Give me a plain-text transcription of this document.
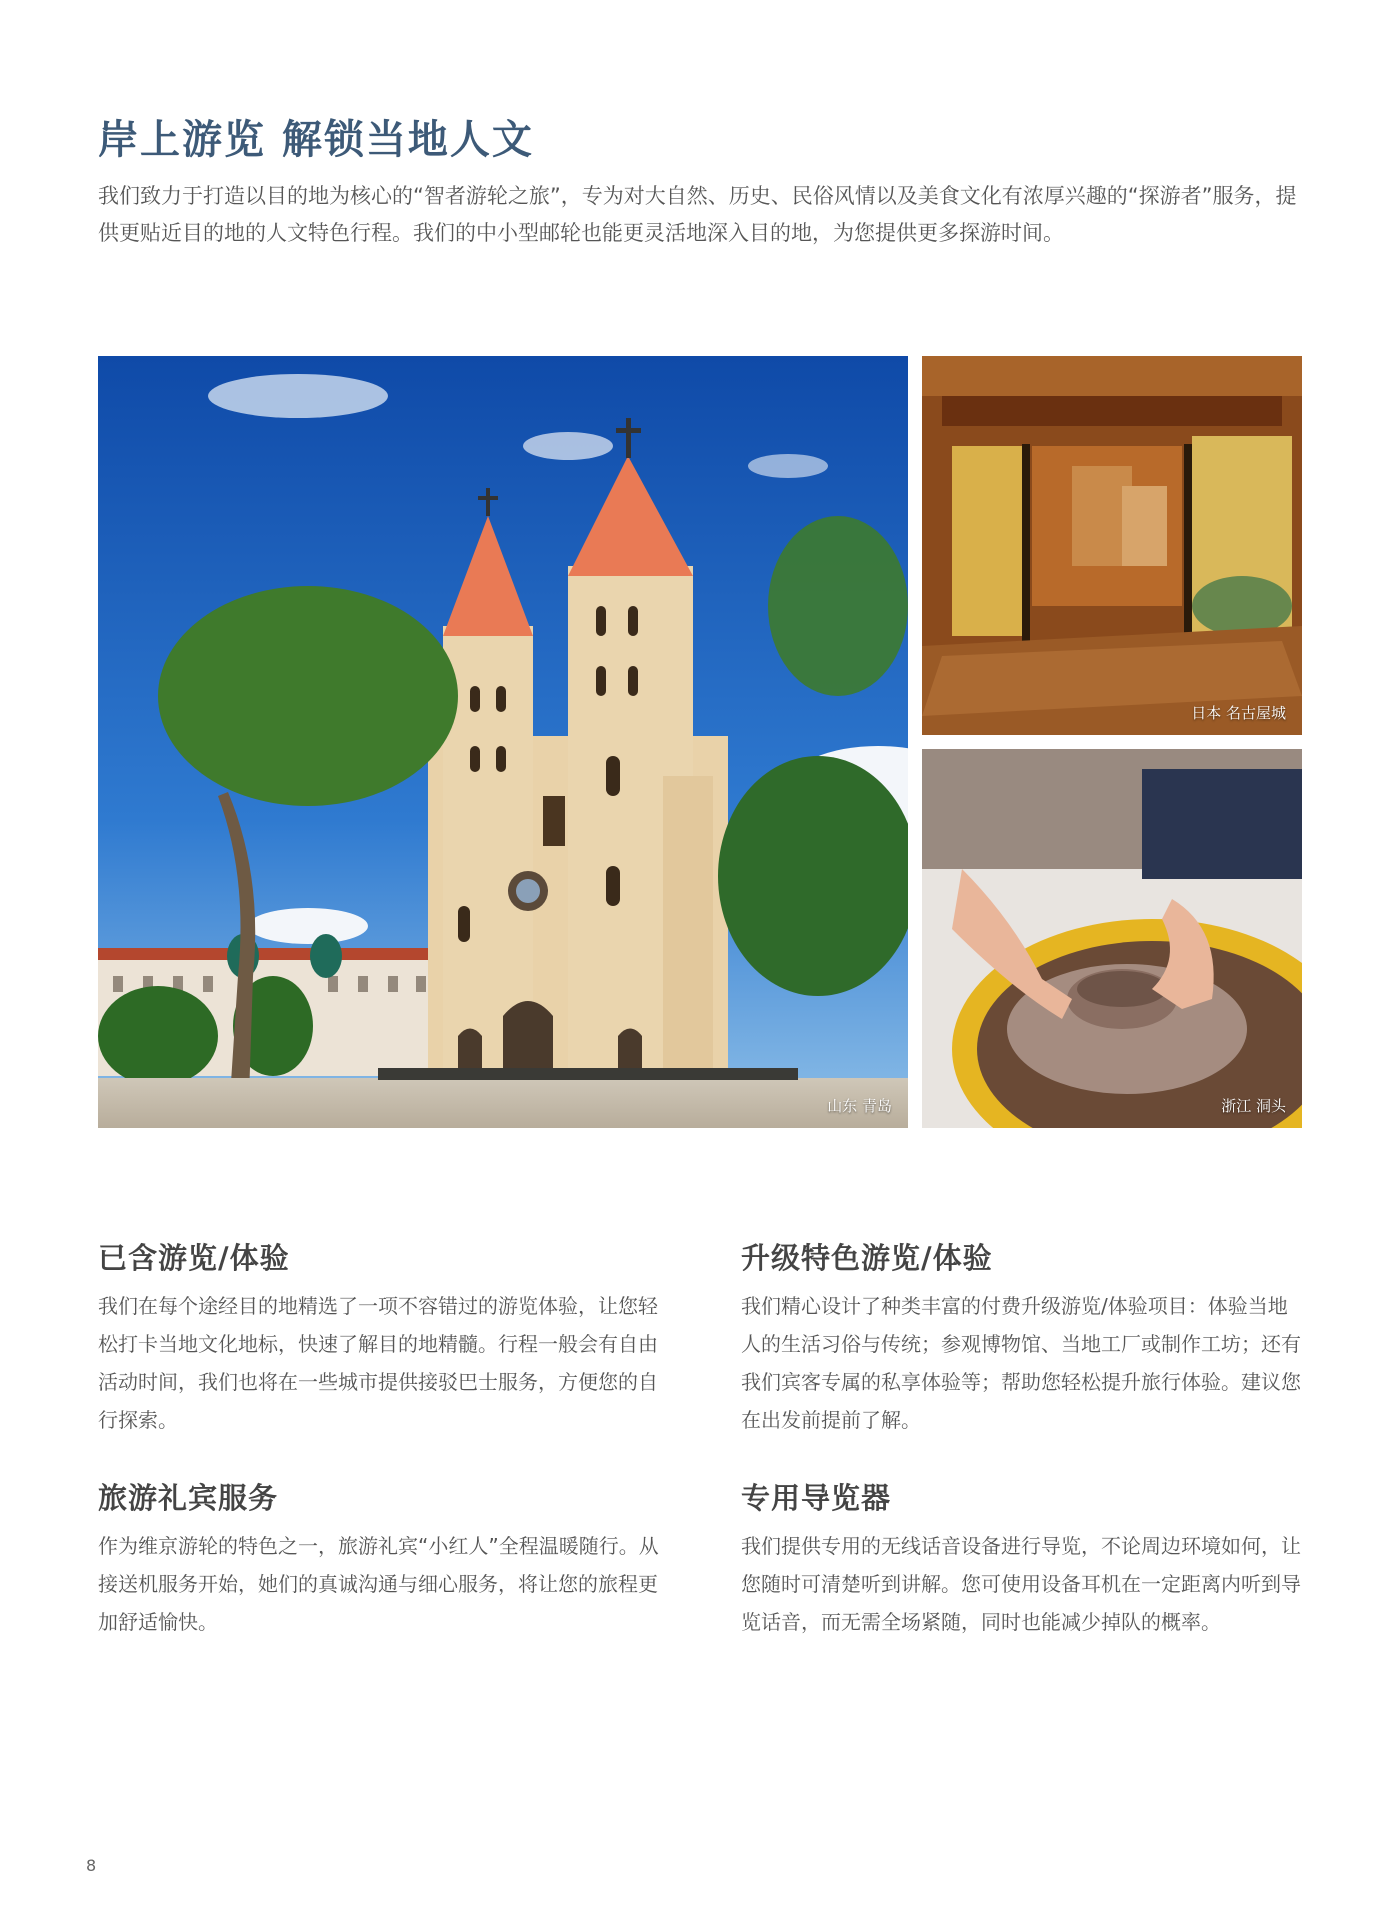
岸上游览 解锁当地人文

我们致力于打造以目的地为核心的“智者游轮之旅”，专为对大自然、历史、民俗风情以及美食文化有浓厚兴趣的“探游者”服务，提供更贴近目的地的人文特色行程。我们的中小型邮轮也能更灵活地深入目的地，为您提供更多探游时间。

山东 青岛
日本 名古屋城
浙江 洞头
已含游览/体验

我们在每个途经目的地精选了一项不容错过的游览体验，让您轻松打卡当地文化地标，快速了解目的地精髓。行程一般会有自由活动时间，我们也将在一些城市提供接驳巴士服务，方便您的自行探索。

升级特色游览/体验

我们精心设计了种类丰富的付费升级游览/体验项目：体验当地人的生活习俗与传统；参观博物馆、当地工厂或制作工坊；还有我们宾客专属的私享体验等；帮助您轻松提升旅行体验。建议您在出发前提前了解。

旅游礼宾服务

作为维京游轮的特色之一，旅游礼宾“小红人”全程温暖随行。从接送机服务开始，她们的真诚沟通与细心服务，将让您的旅程更加舒适愉快。

专用导览器

我们提供专用的无线话音设备进行导览，不论周边环境如何，让您随时可清楚听到讲解。您可使用设备耳机在一定距离内听到导览话音，而无需全场紧随，同时也能减少掉队的概率。

8
